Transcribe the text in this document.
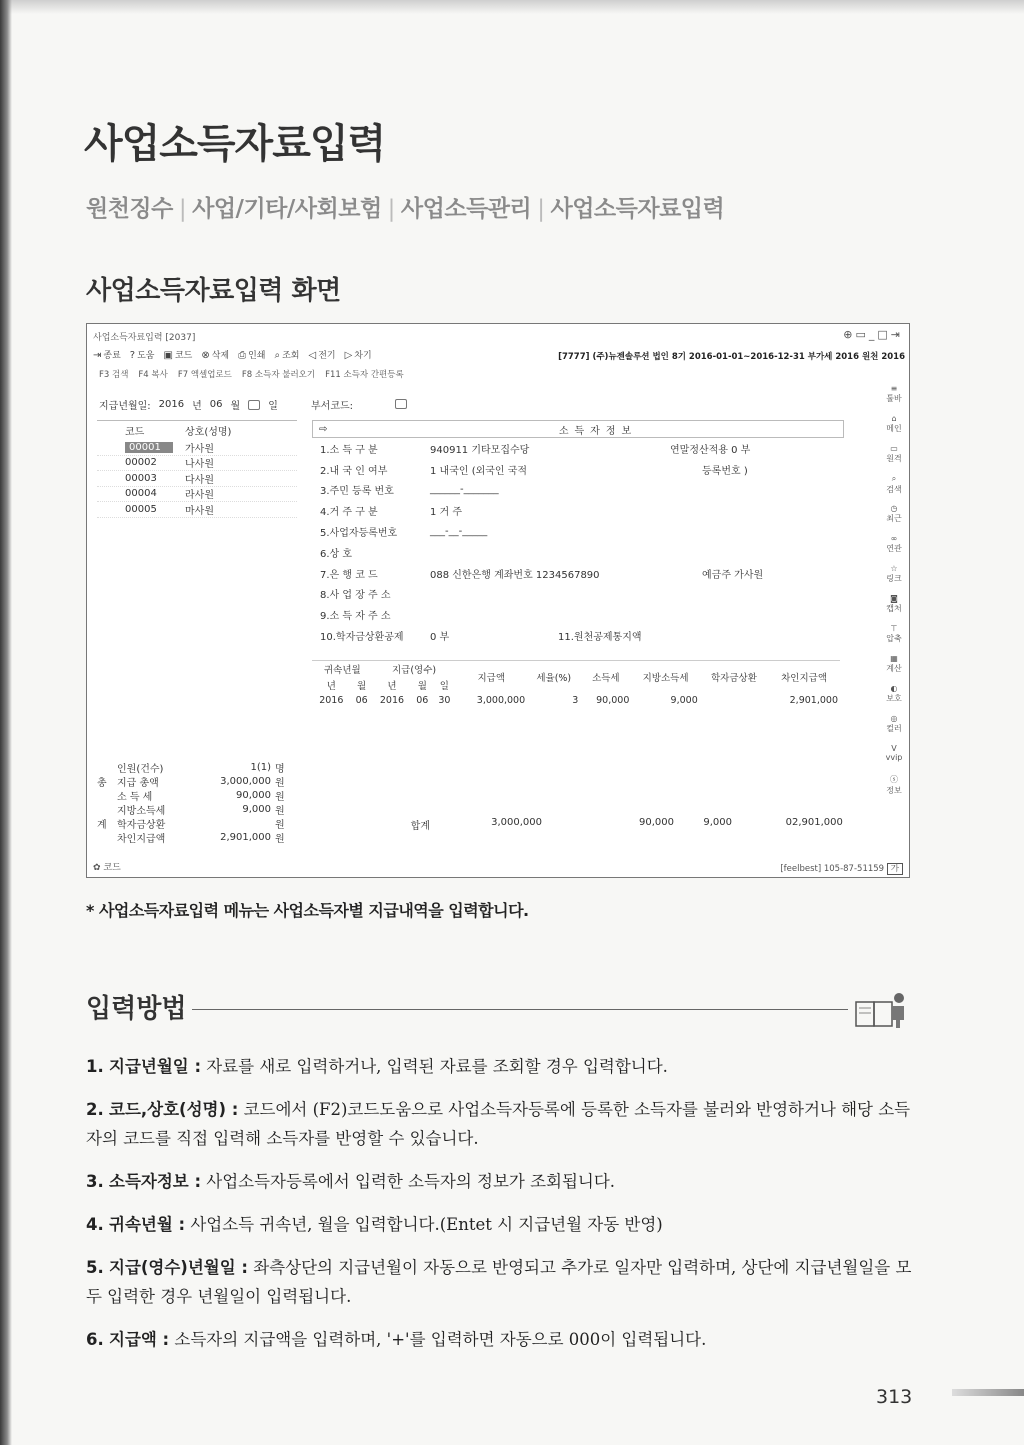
사업소득자료입력
원천징수 | 사업/기타/사회보험 | 사업소득관리 | 사업소득자료입력
사업소득자료입력 화면
사업소득자료입력 [2037]	⊕▭_□⇥
⇥ 종료 ? 도움 ▣ 코드 ⊗ 삭제 ⎙ 인쇄 ⌕ 조회 ◁ 전기 ▷ 차기	[7777] (주)뉴젠솔루션 법인 8기 2016-01-01~2016-12-31 부가세 2016 원천 2016
F3 검색 F4 복사 F7 엑셀업로드 F8 소득자 불러오기 F11 소득자 간편등록
지급년월일: 2016 년 06 월	일	부서코드:
코드	상호(성명)
00001	가사원
00002	나사원
00003	다사원
00004	라사원
00005	마사원
인원(건수)	1(1) 명
총	지급 총액	3,000,000 원
소 득 세	90,000 원
지방소득세	9,000 원
계	학자금상환	원
차인지급액	2,901,000 원
⇨	소득자정보
1.소 득 구 분	940911 기타모집수당	연말정산적용 0 부
2.내 국 인 여부	1 내국인 (외국인 국적	등록번호 )
3.주민 등록 번호	______-_______
4.거 주 구 분	1 거 주
5.사업자등록번호	___-__-_____
6.상 호
7.은 행 코 드	088 신한은행 계좌번호 1234567890	예금주 가사원
8.사 업 장 주 소
9.소 득 자 주 소
10.학자금상환공제	0 부	11.원천공제통지액
귀속년월		지급(영수)			지급액	세율(%)	소득세	지방소득세	학자금상환	차인지급액
년	월	년	월	일						
2016	06	2016	06	30	3,000,000	3	90,000	9,000		2,901,000
합계	3,000,000	90,000	9,000	0 2,901,000
≡
툴바
⌂
메인
▭
원격
⌕
검색
◷
최근
∞
연관
☆
링크
◙
캡처
⊤
압축
▦
계산
◐
보호
◎
컬러
V
vvip
ⓢ
정보
✿ 코드	[feelbest] 105-87-51159 가
* 사업소득자료입력 메뉴는 사업소득자별 지급내역을 입력합니다.
입력방법
1. 지급년월일 : 자료를 새로 입력하거나, 입력된 자료를 조회할 경우 입력합니다.
2. 코드,상호(성명) : 코드에서 (F2)코드도움으로 사업소득자등록에 등록한 소득자를 불러와 반영하거나 해당 소득자의 코드를 직접 입력해 소득자를 반영할 수 있습니다.
3. 소득자정보 : 사업소득자등록에서 입력한 소득자의 정보가 조회됩니다.
4. 귀속년월 : 사업소득 귀속년, 월을 입력합니다.(Entet 시 지급년월 자동 반영)
5. 지급(영수)년월일 : 좌측상단의 지급년월이 자동으로 반영되고 추가로 일자만 입력하며, 상단에 지급년월일을 모두 입력한 경우 년월일이 입력됩니다.
6. 지급액 : 소득자의 지급액을 입력하며, '+'를 입력하면 자동으로 000이 입력됩니다.
313
